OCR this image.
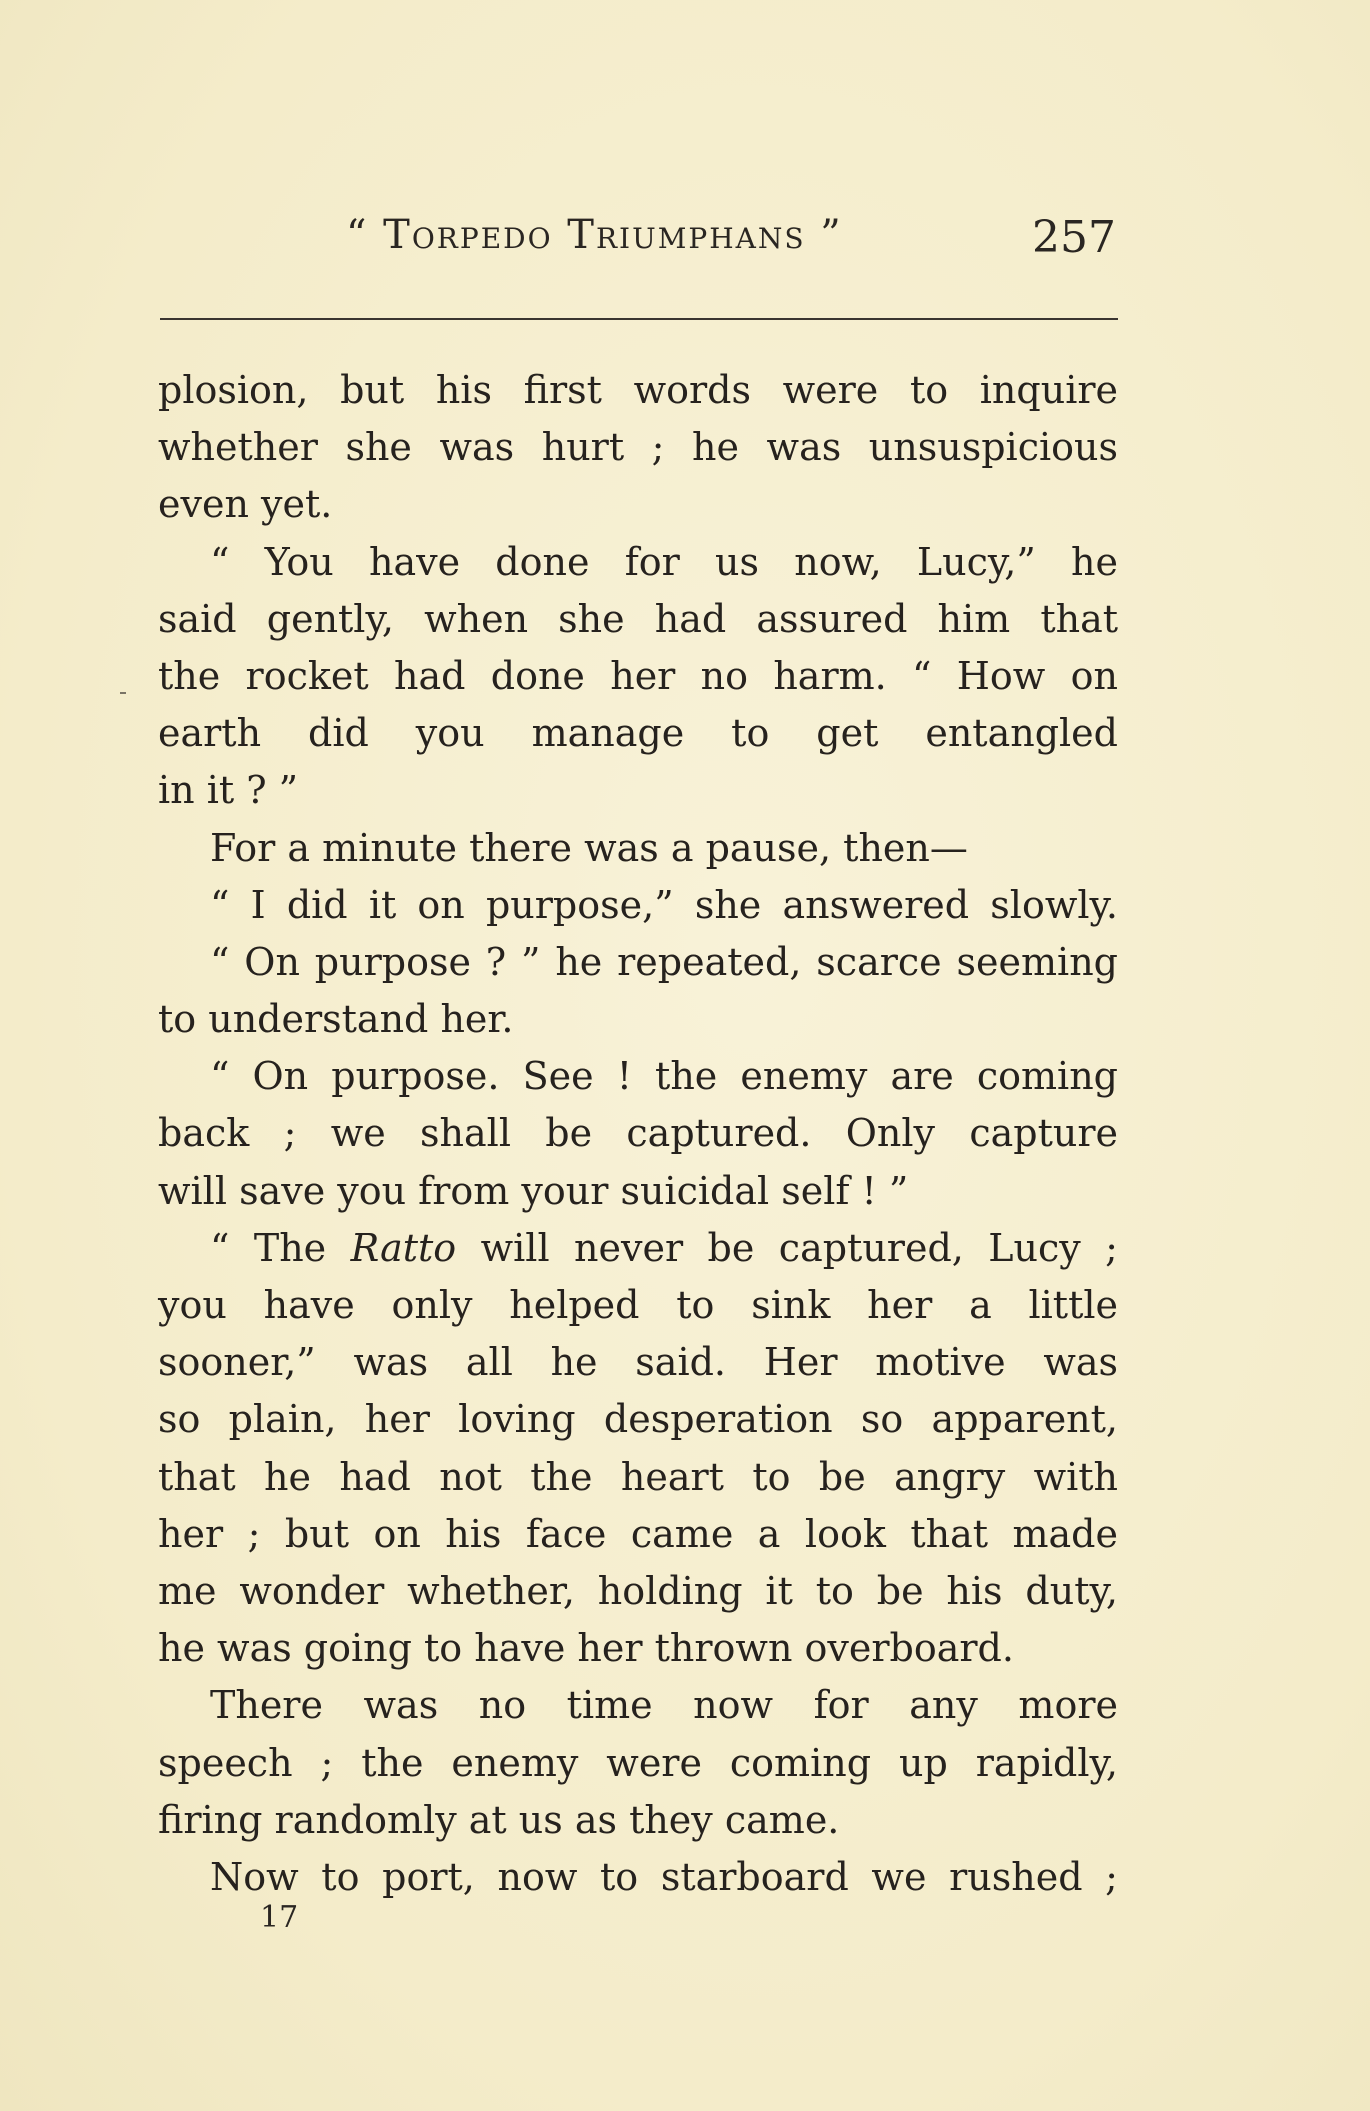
“ Torpedo Triumphans ”	257
plosion, but his first words were to inquire
whether she was hurt ; he was unsuspicious
even yet.
“ You have done for us now, Lucy,” he
said gently, when she had assured him that
the rocket had done her no harm. “ How on
earth did you manage to get entangled
in it ? ”
For a minute there was a pause, then—
“ I did it on purpose,” she answered slowly.
“ On purpose ? ” he repeated, scarce seeming
to understand her.
“ On purpose. See ! the enemy are coming
back ; we shall be captured. Only capture
will save you from your suicidal self ! ”
“ The Ratto will never be captured, Lucy ;
you have only helped to sink her a little
sooner,” was all he said. Her motive was
so plain, her loving desperation so apparent,
that he had not the heart to be angry with
her ; but on his face came a look that made
me wonder whether, holding it to be his duty,
he was going to have her thrown overboard.
There was no time now for any more
speech ; the enemy were coming up rapidly,
firing randomly at us as they came.
Now to port, now to starboard we rushed ;
17
